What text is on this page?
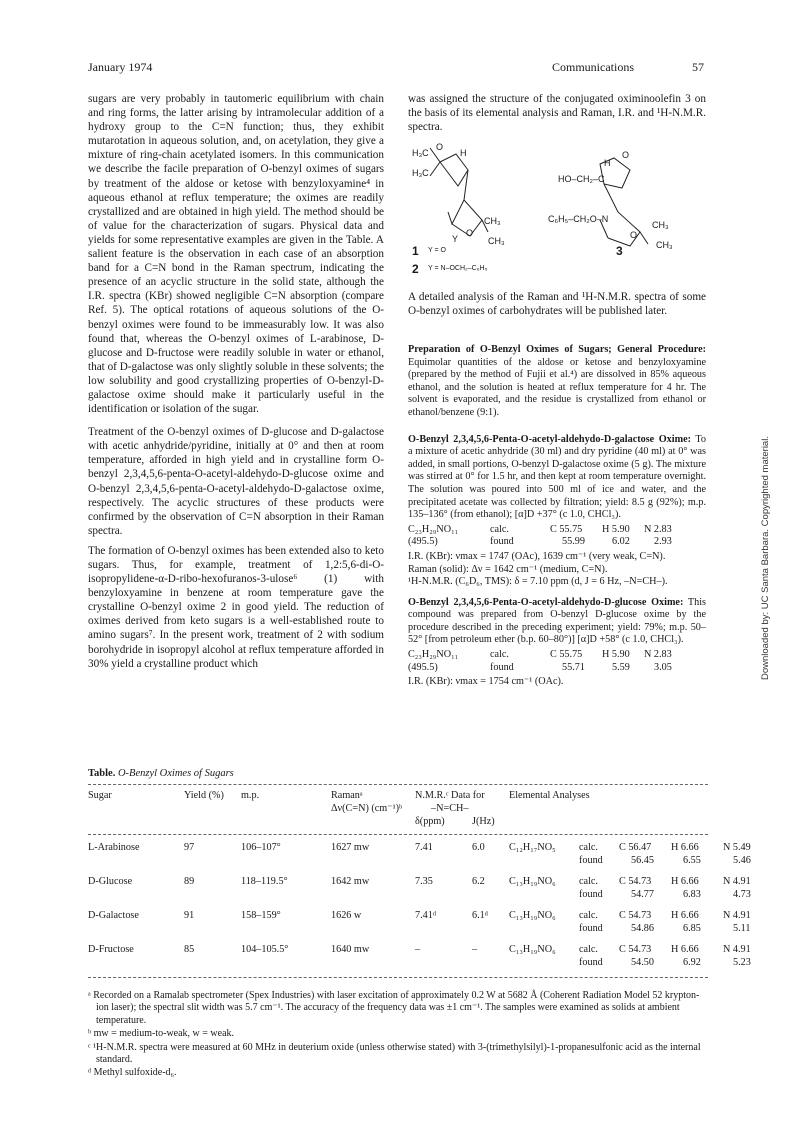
January 1974	Communications	57

sugars are very probably in tautomeric equilibrium with chain and ring forms, the latter arising by intramolecular addition of a hydroxy group to the C=N function; thus, they exhibit mutarotation in aqueous solution, and, on acetylation, they give a mixture of ring-chain acetylated isomers. In this communication we describe the facile preparation of O-benzyl oximes of sugars by treatment of the aldose or ketose with benzyloxyamine⁴ in aqueous ethanol at reflux temperature; the oximes are readily crystallized and are obtained in high yield. The method should be of value for the characterization of sugars. Physical data and yields for some representative examples are given in the Table. A salient feature is the observation in each case of an absorption band for a C=N bond in the Raman spectrum, indicating the presence of an acyclic structure in the solid state, although the I.R. spectra (KBr) showed negligible C=N absorption (compare Ref. 5). The optical rotations of aqueous solutions of the O-benzyl oximes were found to be immeasurably low. It was also found that, whereas the O-benzyl oximes of L-arabinose, D-glucose and D-fructose were readily soluble in water or ethanol, that of D-galactose was only slightly soluble in these solvents; the low solubility and good crystallizing properties of O-benzyl-D-galactose oxime should make it particularly useful in the identification or isolation of the sugar.

Treatment of the O-benzyl oximes of D-glucose and D-galactose with acetic anhydride/pyridine, initially at 0° and then at room temperature, afforded in high yield and in crystalline form O-benzyl 2,3,4,5,6-penta-O-acetyl-aldehydo-D-glucose oxime and O-benzyl 2,3,4,5,6-penta-O-acetyl-aldehydo-D-galactose oxime, respectively. The acyclic structures of these products were confirmed by the observation of C=N absorption in their Raman spectra.

The formation of O-benzyl oximes has been extended also to keto sugars. Thus, for example, treatment of 1,2:5,6-di-O-isopropylidene-α-D-ribo-hexofuranos-3-ulose⁶ (1) with benzyloxyamine in benzene at room temperature gave the crystalline O-benzyl oxime 2 in good yield. The reduction of oximes derived from keto sugars is a well-established route to amino sugars⁷. In the present work, treatment of 2 with sodium borohydride in isopropyl alcohol at reflux temperature afforded in 30% yield a crystalline product which

was assigned the structure of the conjugated oximinoolefin 3 on the basis of its elemental analysis and Raman, I.R. and ¹H-N.M.R. spectra.

H₃C
O
H
H₃C
Y
O
CH₃
CH₃
H
O
HO–CH₂–C
C₆H₅–CH₂O–N
O
CH₃
CH₃
1 Y = O	3
2 Y = N–OCH₂–C₆H₅

A detailed analysis of the Raman and ¹H-N.M.R. spectra of some O-benzyl oximes of carbohydrates will be published later.

Preparation of O-Benzyl Oximes of Sugars; General Procedure: Equimolar quantities of the aldose or ketose and benzyloxyamine (prepared by the method of Fujii et al.⁴) are dissolved in 85% aqueous ethanol, and the solution is heated at reflux temperature for 4 hr. The solvent is evaporated, and the residue is crystallized from ethanol or ethanol/benzene (9:1).

O-Benzyl 2,3,4,5,6-Penta-O-acetyl-aldehydo-D-galactose Oxime: To a mixture of acetic anhydride (30 ml) and dry pyridine (40 ml) at 0° was added, in small portions, O-benzyl D-galactose oxime (5 g). The mixture was stirred at 0° for 1.5 hr, and then kept at room temperature overnight. The solution was poured into 500 ml of ice and water, and the precipitated acetate was collected by filtration; yield: 8.5 g (92%); m.p. 135–136° (from ethanol); [α]D +37° (c 1.0, CHCl₃).

C₂₃H₂₉NO₁₁	calc.	C 55.75	H 5.90	N 2.83
(495.5)	found	55.99	6.02	2.93
I.R. (KBr): νmax = 1747 (OAc), 1639 cm⁻¹ (very weak, C=N).
Raman (solid): Δν = 1642 cm⁻¹ (medium, C=N).
¹H-N.M.R. (C₆D₆, TMS): δ = 7.10 ppm (d, J = 6 Hz, –N=CH–).

O-Benzyl 2,3,4,5,6-Penta-O-acetyl-aldehydo-D-glucose Oxime: This compound was prepared from O-benzyl D-glucose oxime by the procedure described in the preceding experiment; yield: 79%; m.p. 50–52° [from petroleum ether (b.p. 60–80°)] [α]D +58° (c 1.0, CHCl₃).

C₂₃H₂₉NO₁₁	calc.	C 55.75	H 5.90	N 2.83
(495.5)	found	55.71	5.59	3.05
I.R. (KBr): νmax = 1754 cm⁻¹ (OAc).
Table. O-Benzyl Oximes of Sugars
Sugar	Yield (%)	m.p.	Ramanᵃ
Δν(C=N) (cm⁻¹)ᵇ
N.M.R.ᶜ Data for
–N=CH–
δ(ppm)	J(Hz)
Elemental Analyses
L-Arabinose	97	106–107°	1627 mw	7.41	6.0	C₁₂H₁₇NO₅	calc.	C 56.47	H 6.66	N 5.49
found	56.45	6.55	5.46
D-Glucose	89	118–119.5°	1642 mw	7.35	6.2	C₁₃H₁₉NO₆	calc.	C 54.73	H 6.66	N 4.91
found	54.77	6.83	4.73
D-Galactose	91	158–159°	1626 w	7.41ᵈ	6.1ᵈ	C₁₃H₁₉NO₆	calc.	C 54.73	H 6.66	N 4.91
found	54.86	6.85	5.11
D-Fructose	85	104–105.5°	1640 mw	–	–	C₁₃H₁₉NO₆	calc.	C 54.73	H 6.66	N 4.91
found	54.50	6.92	5.23

ᵃ Recorded on a Ramalab spectrometer (Spex Industries) with laser excitation of approximately 0.2 W at 5682 Å (Coherent Radiation Model 52 krypton-ion laser); the spectral slit width was 5.7 cm⁻¹. The accuracy of the frequency data was ±1 cm⁻¹. The samples were examined as solids at ambient temperature.

ᵇ mw = medium-to-weak, w = weak.

ᶜ ¹H-N.M.R. spectra were measured at 60 MHz in deuterium oxide (unless otherwise stated) with 3-(trimethylsilyl)-1-propanesulfonic acid as the internal standard.

ᵈ Methyl sulfoxide-d₆.

Downloaded by: UC Santa Barbara. Copyrighted material.
